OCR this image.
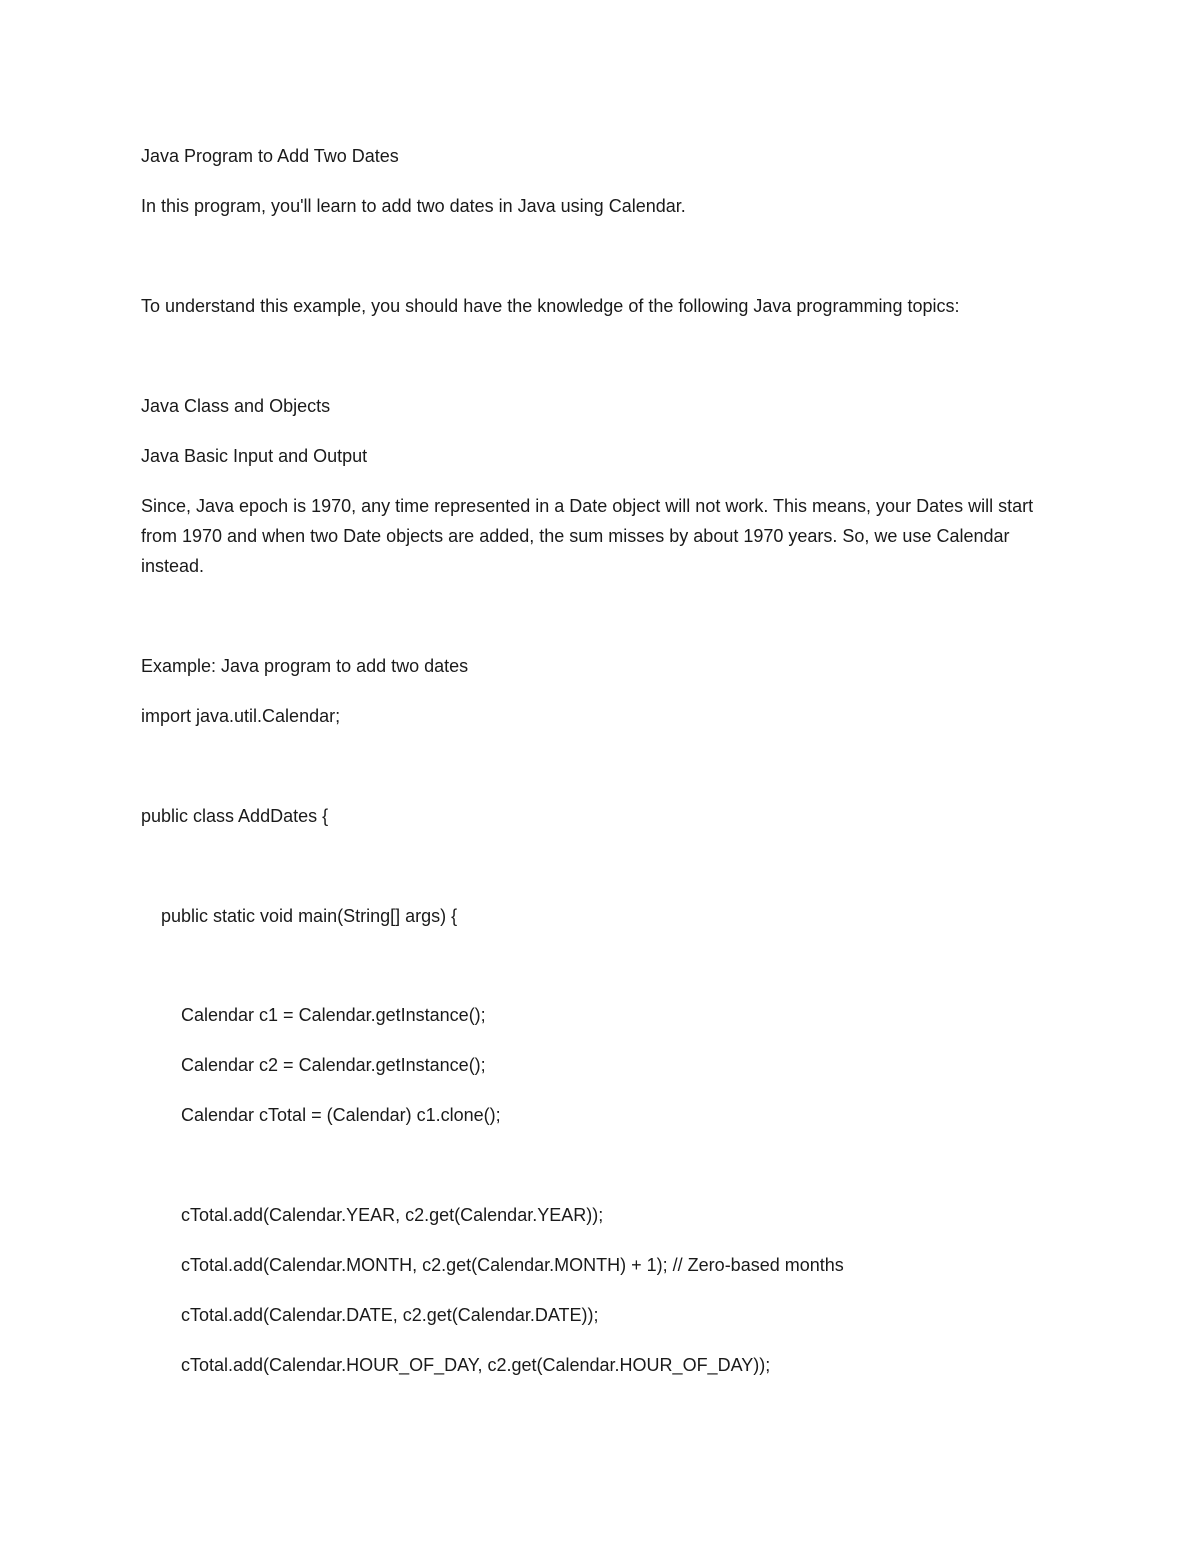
Java Program to Add Two Dates
In this program, you'll learn to add two dates in Java using Calendar.
To understand this example, you should have the knowledge of the following Java programming topics:
Java Class and Objects
Java Basic Input and Output
Since, Java epoch is 1970, any time represented in a Date object will not work. This means, your Dates will start from 1970 and when two Date objects are added, the sum misses by about 1970 years. So, we use Calendar instead.
Example: Java program to add two dates
import java.util.Calendar;
public class AddDates {
public static void main(String[] args) {
Calendar c1 = Calendar.getInstance();
Calendar c2 = Calendar.getInstance();
Calendar cTotal = (Calendar) c1.clone();
cTotal.add(Calendar.YEAR, c2.get(Calendar.YEAR));
cTotal.add(Calendar.MONTH, c2.get(Calendar.MONTH) + 1); // Zero-based months
cTotal.add(Calendar.DATE, c2.get(Calendar.DATE));
cTotal.add(Calendar.HOUR_OF_DAY, c2.get(Calendar.HOUR_OF_DAY));
